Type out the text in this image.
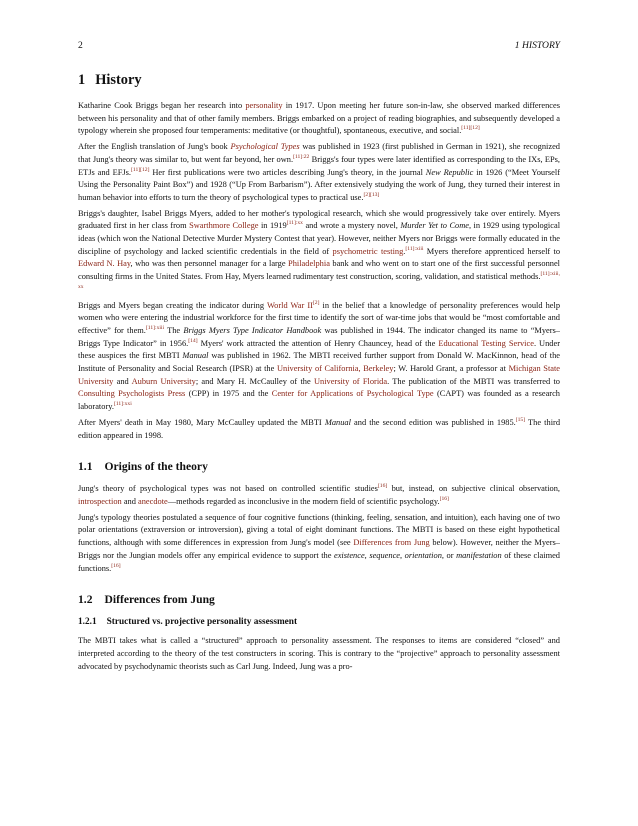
2	1 HISTORY
1 History

Katharine Cook Briggs began her research into personality in 1917. Upon meeting her future son-in-law, she observed marked differences between his personality and that of other family members. Briggs embarked on a project of reading biographies, and subsequently developed a typology wherein she proposed four temperaments: meditative (or thoughtful), spontaneous, executive, and social.[11][12]

After the English translation of Jung's book Psychological Types was published in 1923 (first published in German in 1921), she recognized that Jung's theory was similar to, but went far beyond, her own.$^{[11]:22}$ Briggs's four types were later identified as corresponding to the IXs, EPs, ETJs and EFJs.[11][12] Her first publications were two articles describing Jung's theory, in the journal New Republic in 1926 (“Meet Yourself Using the Personality Paint Box”) and 1928 (“Up From Barbarism”). After extensively studying the work of Jung, they turned their interest in human behavior into efforts to turn the theory of psychological types to practical use.[2][13]

Briggs's daughter, Isabel Briggs Myers, added to her mother's typological research, which she would progressively take over entirely. Myers graduated first in her class from Swarthmore College in $1919^{[11]:xx}$ and wrote a mystery novel, Murder Yet to Come, in 1929 using typological ideas (which won the National Detective Murder Mystery Contest that year). However, neither Myers nor Briggs were formally educated in the discipline of psychology and lacked scientific credentials in the field of psychometric testing.$^{[11]:xiii}$ Myers therefore apprenticed herself to Edward N. Hay, who was then personnel manager for a large Philadelphia bank and who went on to start one of the first successful personnel consulting firms in the United States. From Hay, Myers learned rudimentary test construction, scoring, validation, and statistical methods.$^{[11]:xiii, xx}$

Briggs and Myers began creating the indicator during World War II[2] in the belief that a knowledge of personality preferences would help women who were entering the industrial workforce for the first time to identify the sort of war-time jobs that would be “most comfortable and effective” for them.$^{[11]:xiii}$ The Briggs Myers Type Indicator Handbook was published in 1944. The indicator changed its name to “Myers–Briggs Type Indicator” in 1956.[14] Myers' work attracted the attention of Henry Chauncey, head of the Educational Testing Service. Under these auspices the first MBTI Manual was published in 1962. The MBTI received further support from Donald W. MacKinnon, head of the Institute of Personality and Social Research (IPSR) at the University of California, Berkeley; W. Harold Grant, a professor at Michigan State University and Auburn University; and Mary H. McCaulley of the University of Florida. The publication of the MBTI was transferred to Consulting Psychologists Press (CPP) in 1975 and the Center for Applications of Psychological Type (CAPT) was founded as a research laboratory.$^{[11]:xxi}$

After Myers' death in May 1980, Mary McCaulley updated the MBTI Manual and the second edition was published in 1985.[15] The third edition appeared in 1998.

1.1 Origins of the theory

Jung's theory of psychological types was not based on controlled scientific studies[16] but, instead, on subjective clinical observation, introspection and anecdote—methods regarded as inconclusive in the modern field of scientific psychology.[16]

Jung's typology theories postulated a sequence of four cognitive functions (thinking, feeling, sensation, and intuition), each having one of two polar orientations (extraversion or introversion), giving a total of eight dominant functions. The MBTI is based on these eight hypothetical functions, although with some differences in expression from Jung's model (see Differences from Jung below). However, neither the Myers–Briggs nor the Jungian models offer any empirical evidence to support the existence, sequence, orientation, or manifestation of these claimed functions.[16]

1.2 Differences from Jung
1.2.1 Structured vs. projective personality assessment

The MBTI takes what is called a “structured” approach to personality assessment. The responses to items are considered “closed” and interpreted according to the theory of the test constructers in scoring. This is contrary to the “projective” approach to personality assessment advocated by psychodynamic theorists such as Carl Jung. Indeed, Jung was a pro-
